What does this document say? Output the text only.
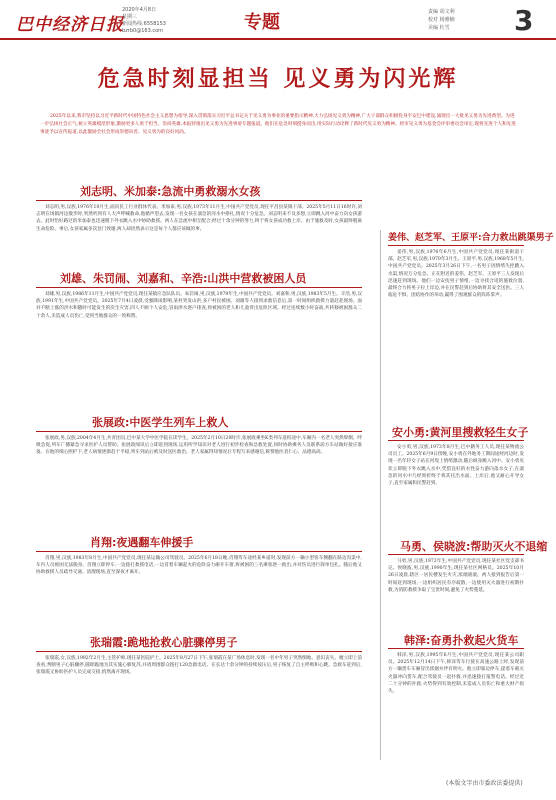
巴中经济日报
2020年4月8日
星期三
新闻热线:6558153
bzrb0@163.com	专题	责编 胡文利
校对 杨雅楠
美编 杜雪 3
危急时刻显担当 见义勇为闪光辉
2025年以来,我市坚持以习近平新时代中国特色社会主义思想为指导,深入贯彻落实习近平总书记关于见义勇为事业的重要指示精神,大力弘扬见义勇为精神,广大干部群众积极投身平安巴中建设,涌现出一大批见义勇为先进典型。为进一步弘扬社会正气,树立英雄模范形象,激励更多人勇于担当、崇尚英雄,本报特推出见义勇为先进事迹专题报道。他们在危急时刻挺身而出,用实际行动诠释了新时代见义勇为精神。经市见义勇为基金会评审委员会审定,现将先进个人和先进事迹予以宣传报道,以此激励全社会形成崇德向善、见义勇为的良好风尚。
刘志明、米加泰:急流中勇救溺水女孩

刘志明,男,汉族,1976年10月生,面向民工行业群体代表。米加泰,男,汉族,1973年11月生,中国共产党党员,现任平昌县某镇干部。2025年5月11日16时许,刘志明在场镇河边散步时,突然听到有人大声呼喊救命,他循声望去,发现一名女孩在湍急的河水中挣扎,情况十分危急。刘志明来不及多想,立即跳入河中奋力向女孩游去。此时恰好路过的米加泰也迅速脱下外衣跳入水中协助救援。两人在急流中相互配合,经过十余分钟的努力,终于将女孩成功救上岸。由于施救及时,女孩最终脱离生命危险。事后,女孩家属多次登门致谢,两人却淡然表示这是每个人都应该做的事。

刘雄、朱罚闹、刘嘉和、辛浩:山洪中营救被困人员

刘雄,男,汉族,1986年11月生,中国共产党党员,现任某镇应急队队员。朱罚闹,男,汉族,1979年生,中国共产党党员。刘嘉和,男,汉族,1983年5月生。辛浩,男,汉族,1991年生,中国共产党党员。2025年7月4日凌晨,受强降雨影响,某村突发山洪,多户村民被困。刘雄等人接到求救信息后,第一时间组织救援力量赶赴现场。面对不断上涨的洪水和随时可能发生的次生灾害,四人不顾个人安危,冒雨涉水逐户排查,将被困的老人和儿童背出危险区域。经过连续数小时奋战,共转移被困群众二十余人,未造成人员伤亡,受到当地群众的一致称赞。

张展政:中医学生列车上救人

张展政,男,汉族,2004年4月生,共青团员,巴中某大学中医学院在读学生。2025年2月10日20时许,张展政乘坐K类列车返校途中,车厢内一名老人突然晕倒、呼吸急促,列车广播紧急寻求医护人员帮助。张展政闻讯后立即赶到现场,运用所学知识对老人进行初步检查和急救处置,同时协助乘务人员联系前方车站做好接应准备。在他的细心照护下,老人病情逐渐趋于平稳,列车到站后被及时送医救治。老人家属得知情况后专程写来感谢信,称赞他医者仁心、品德高尚。

肖翔:夜遇翻车伸援手

肖翔,男,汉族,1983年8月生,中国共产党党员,现任某运输公司驾驶员。2025年6月18日晚,肖翔驾车途经某乡道时,发现前方一辆小型客车侧翻在路边沟渠中,车内人员被困无法脱身。肖翔立即停车,一边拨打救援电话,一边冒着车辆起火的危险奋力砸开车窗,将被困的三名乘客逐一救出,并对伤员进行简单包扎。随后他又协助救援人员疏导交通、清理现场,直至深夜才离开。

张瑞霞:跪地抢救心脏骤停男子

张瑞霞,女,汉族,1992年2月生,主管护师,现任某医院护士。2025年8月27日下午,张瑞霞在某广场休息时,发现一名中年男子突然倒地、意识丧失。她立即上前查看,判断男子心脏骤停,随即跪地为其实施心肺复苏,并请周围群众拨打120急救电话。在长达十余分钟的持续按压后,男子恢复了自主呼吸和心跳。急救车赶到后,张瑞霞又协助医护人员完成交接,悄然离开现场。

姜伟、赵芝军、王原平:合力救出跳渠男子

姜伟,男,汉族,1976年6月生,中国共产党党员,现任某街道干部。赵芝军,男,汉族,1970年3月生。王原平,男,汉族,1968年5月生,中国共产党党员。2025年3月26日下午,一名男子因情绪失控跳入水渠,情况万分危急。正在附近的姜伟、赵芝军、王原平三人发现后迅速赶到现场。他们一边安抚男子情绪,一边寻找合适的施救位置,最终合力将男子拉上岸边,并在民警赶到后协助将其安全送医。三人临危不惧、团结协作的举动,赢得了围观群众的阵阵掌声。

安小勇:黄河里搜救轻生女子

安小勇,男,汉族,1973年8月生,巴中籍务工人员,现任某物流公司员工。2025年6月9日傍晚,安小勇在外地务工期间途经河边时,发现一名年轻女子站在河堤上情绪激动,随后纵身跳入河中。安小勇见状立即脱下外衣跳入水中,凭借良好的水性奋力游向落水女子,在湍急的河水中几经周折终于将其托出水面。上岸后,他又耐心开导女子,直至家属和民警赶到。

马勇、侯晓波:帮助灭火不退缩

马勇,男,汉族,1972年生,中国共产党党员,现任某社区党支部书记。侯晓波,男,汉族,1990年生,现任某社区网格员。2025年10月26日凌晨,辖区一居民楼发生火灾,浓烟滚滚。两人接到报告后第一时间赶到现场,一边组织居民有序疏散,一边使用灭火器进行初期扑救,为消防救援争取了宝贵时间,避免了火势蔓延。

韩泽:奋勇扑救起火货车

韩泽,男,汉族,1995年6月生,中国共产党党员,现任某公司职员。2025年12月14日下午,韩泽驾车行驶在高速公路上时,发现前方一辆货车车厢冒出浓烟并伴有明火。他立即靠边停车,提着车载灭火器冲向货车,配合驾驶员一起扑救,并迅速拨打报警电话。经过近二十分钟的扑救,火势得到有效控制,未造成人员伤亡和重大财产损失。

(本版文字由市委政法委提供)
